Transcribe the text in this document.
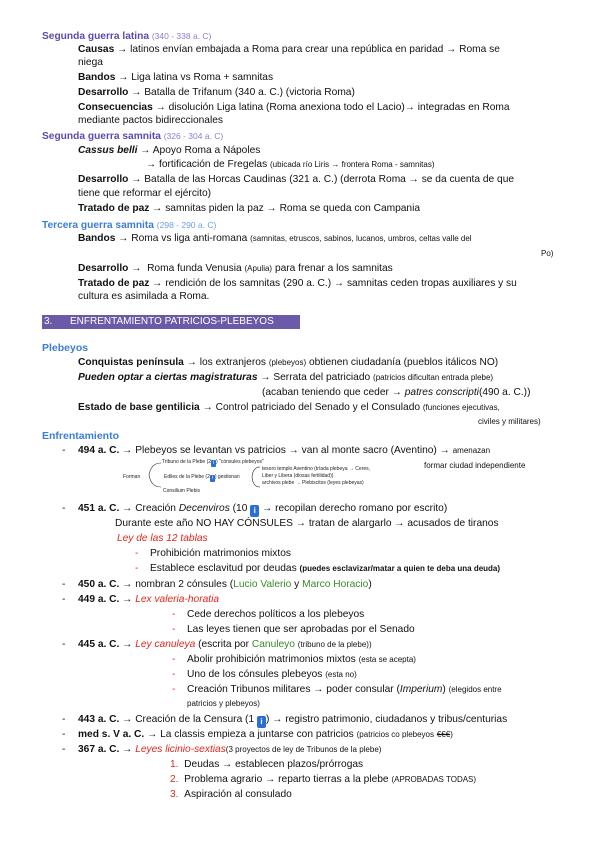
Segunda guerra latina (340 - 338 a. C)
Causas → latinos envían embajada a Roma para crear una república en paridad → Roma se
niega
Bandos → Liga latina vs Roma + samnitas
Desarrollo → Batalla de Trifanum (340 a. C.) (victoria Roma)
Consecuencias → disolución Liga latina (Roma anexiona todo el Lacio)→ integradas en Roma
mediante pactos bidireccionales
Segunda guerra samnita (326 - 304 a. C)
Cassus belli → Apoyo Roma a Nápoles
→ fortificación de Fregelas (ubicada río Liris → frontera Roma - samnitas)
Desarrollo → Batalla de las Horcas Caudinas (321 a. C.) (derrota Roma → se da cuenta de que
tiene que reformar el ejército)
Tratado de paz → samnitas piden la paz → Roma se queda con Campania
Tercera guerra samnita (298 - 290 a. C)
Bandos → Roma vs liga anti-romana (samnitas, etruscos, sabinos, lucanos, umbros, celtas valle del
Po)
Desarrollo →  Roma funda Venusia (Apulia) para frenar a los samnitas
Tratado de paz → rendición de los samnitas (290 a. C.) → samnitas ceden tropas auxiliares y su
cultura es asimilada a Roma.
3. ENFRENTAMIENTO PATRICIOS-PLEBEYOS
Plebeyos
Conquistas península → los extranjeros (plebeyos) obtienen ciudadanía (pueblos itálicos NO)
Pueden optar a ciertas magistraturas → Serrata del patriciado (patricios dificultan entrada plebe)
(acaban teniendo que ceder → patres conscripti(490 a. C.))
Estado de base gentilicia → Control patriciado del Senado y el Consulado (funciones ejecutivas,
civiles y militares)
Enfrentamiento
- 494 a. C. → Plebeyos se levantan vs patricios → van al monte sacro (Aventino) → amenazan
formar ciudad independiente
Forman
Tribuno de la Plebe (2 i ) "cónsules plebeyos"
Ediles de la Plebe (2 i ) gestionan
Consilium Plebis
tesoro templo Aventino (tríada plebeya → Ceres,
Liber y Libera (diosas fertilidad))
archivos plebe → Plebiscitos (leyes plebeyas)
- 451 a. C. → Creación Decenviros (10 i → recopilan derecho romano por escrito)
Durante este año NO HAY CÓNSULES → tratan de alargarlo → acusados de tiranos
Ley de las 12 tablas
- Prohibición matrimonios mixtos
- Establece esclavitud por deudas (puedes esclavizar/matar a quien te deba una deuda)
- 450 a. C. → nombran 2 cónsules (Lucio Valerio y Marco Horacio)
- 449 a. C. → Lex valeria-horatia
- Cede derechos políticos a los plebeyos
- Las leyes tienen que ser aprobadas por el Senado
- 445 a. C. → Ley canuleya (escrita por Canuleyo (tribuno de la plebe))
- Abolir prohibición matrimonios mixtos (esta se acepta)
- Uno de los cónsules plebeyos (esta no)
- Creación Tribunos militares → poder consular (Imperium) (elegidos entre
patricios y plebeyos)
- 443 a. C. → Creación de la Censura (1 i ) → registro patrimonio, ciudadanos y tribus/centurias
- med s. V a. C. → La classis empieza a juntarse con patricios (patricios co plebeyos €€€)
- 367 a. C. → Leyes licinio-sextias(3 proyectos de ley de Tribunos de la plebe)
1. Deudas → establecen plazos/prórrogas
2. Problema agrario → reparto tierras a la plebe (APROBADAS TODAS)
3. Aspiración al consulado
